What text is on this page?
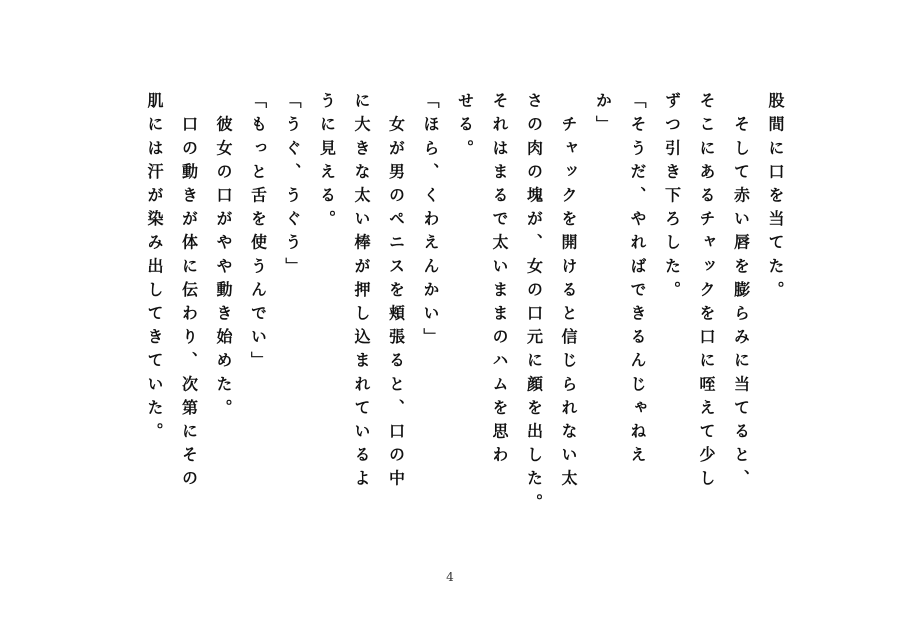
股間に口を当てた。
　そして赤い唇を膨らみに当てると、
そこにあるチャックを口に咥えて少し
ずつ引き下ろした。
「そうだ、やればできるんじゃねえ
か」
　チャックを開けると信じられない太
さの肉の塊が、女の口元に顔を出した。
それはまるで太いままのハムを思わ
せる。
「ほら、くわえんかい」
　女が男のペニスを頬張ると、口の中
に大きな太い棒が押し込まれているよ
うに見える。
「うぐ、うぐう」
「もっと舌を使うんでい」
　彼女の口がやや動き始めた。
　口の動きが体に伝わり、次第にその
肌には汗が染み出してきていた。
4
